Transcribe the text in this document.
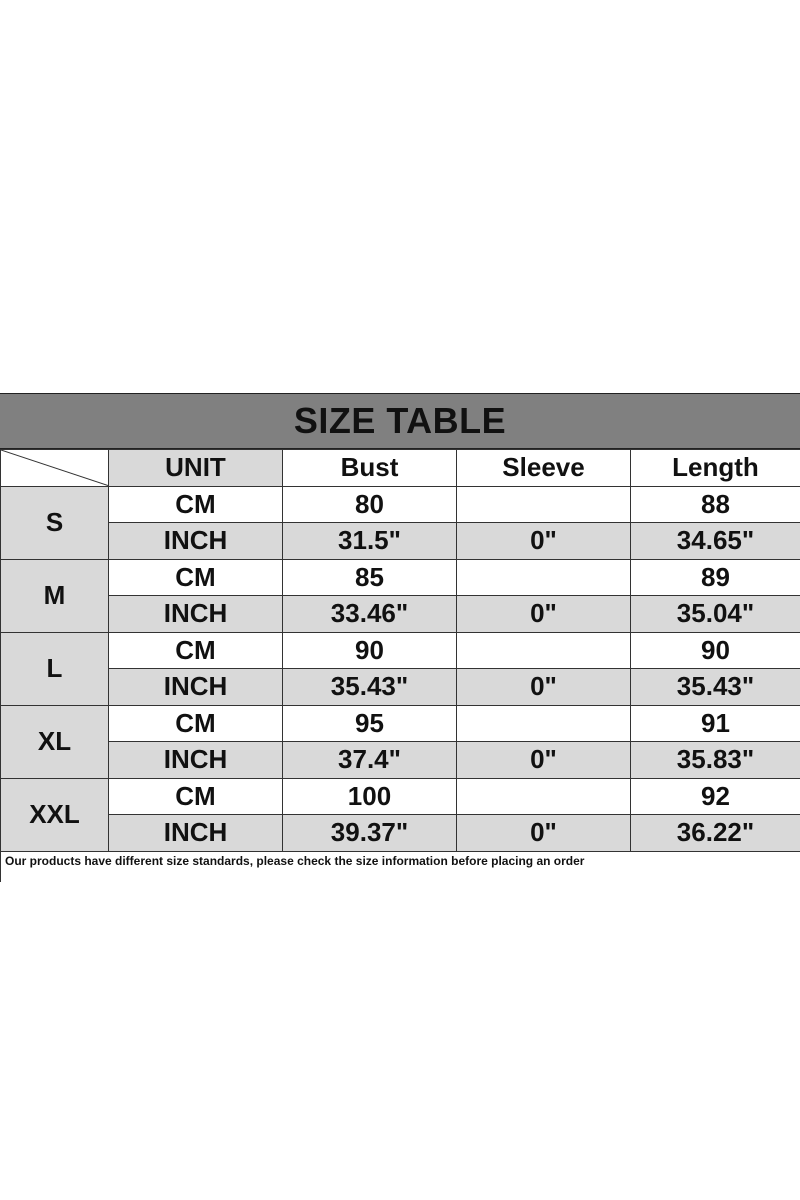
SIZE TABLE
	UNIT	Bust	Sleeve	Length
S	CM	80		88
	INCH	31.5"	0"	34.65"
M	CM	85		89
	INCH	33.46"	0"	35.04"
L	CM	90		90
	INCH	35.43"	0"	35.43"
XL	CM	95		91
	INCH	37.4"	0"	35.83"
XXL	CM	100		92
	INCH	39.37"	0"	36.22"
Our products have different size standards, please check the size information before placing an order
